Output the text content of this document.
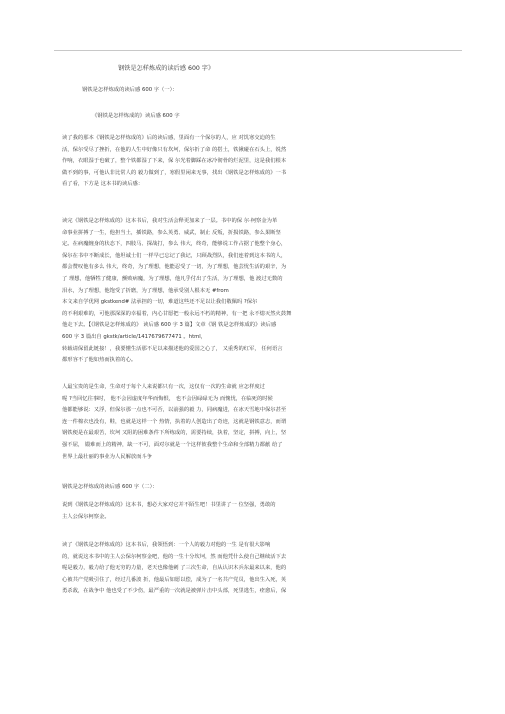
钢铁是怎样炼成的读后感 600 字》
钢铁是怎样炼成的读后感 600 字（一）：
《钢铁是怎样炼成的》读后感 600 字
读了我的那本《钢铁是怎样炼成的》后的读后感，里面有一个保尔的人，应 对饥寒交迫的生
活，保尔受尽了挫折，在他的人生中好像只有坎坷，保尔折了命 的搭土，铁锹碰在石头上，锐然
作响，衣眼湿于也破了，整个铁都湿了下来，保 尔光着脚踩在冰冷彻骨的烂泥里，这是我们根本
做不到的事，可他认非比常人的 毅力做到了，寒假里闲来无事，找出《钢铁是怎样炼成的》一书
看了看，下方是 这本书的读后感：
读完《钢铁是怎样炼成的》这本书后，我对生活会释更加来了一层。书中的保 尔·柯察金为革
命事业拼搏了一生，他担当土，插铁路，参么英勇、威武，制止 反叛，折损铁路，参么果断坚
定。在病魔缠身的状态下，四肢马、探战打，参么 伟大，终奇，能够说工作占据了他整个身心，
保尔在书中不断成长，他坦诚士们 一样早已忘记了我记，只顾战烈队，我们连着到这本书的人，
都会赞叹他有多么 伟大，终奇，为了理想，他能忍受了一切，为了理想，他芸忧生活的艰辛，为
了 理想，他牺牲了健康，颤败病魔，为了理想，他凡乎付出了生活，为了理想，他 渡过无数的
泪水，为了理想，他饱受了折磨，为了理想，他承受别人根本无 #from
本文来自学优网 gkstkend# 法承担的一切，难道这些还不足以让我们敬佩吗 ?保尔
的不利艰难的，可他那深深的幸福着，内心甘愿把一般永远不朽的精神，有一把 永不熄灭然火鼓舞
他走下去。【《钢铁是怎样炼成的》 读后感 600 字 3 篇】文章《钢 铁是怎样炼成的》读后感
600 字 3 篇出自 gkstk/article/1417679677471 。html，
转载请保留此链接！，我要懂生活那不足以来描述他的爱国之心了， 又重秀的红军， 任何语言
都形容不了他如热而执着的心。
人最宝贵的是生命，生命对于每个人来说都只有一次，这仅有一次的生命就 应怎样度过
呢 ?当回忆往事时， 他不会因虚度年华而悔恨， 也不会因碌碌无为 而愧忧，在临死的时候
他都能够说：又浮，但保尔那一点也不可否，以前强的毅 力，同病魔进，在冰天雪地中保尔甚至
连一件棉衣也没有，鞋，也就是这样一个 热情，执着的人创造出了奇迹，这就是钢铁意志，而谓
钢铁便是在最艰苦，坎坷 又阻的困难条件下所练成的，需要持续，执着，坚定，拼搏，向上，坚
强不屈， 锻难而上的精神，缺一不可，面对尔就是一个这样彼我整个生命和全部精力都献 给了
世界上最壮丽的事业为人民解放而斗争
钢铁是怎样炼成的读后感 600 字（二）：
说到《钢铁是怎样炼成的》这本书，想必大家对它并不陌生吧！书里讲了一 位坚强，勇敢的
主人公保尔柯察金。
读了《钢铁是怎样炼成的》这本书后，我领悟到：一个人的毅力对他的一生 是有很大影响
的，就说这本书中的主人公保尔柯察金吧，他的一生十分坎坷，然 而他凭什么使自己继续活下去
呢是毅力，毅力给了他无穷的力量，老天也像他刺 了三次生命，自从认识木兵东最来以来，他的
心被共产党吸引住了，经过几番波 折，他最后如愿以偿，成为了一名共产党员，他出生入死，英
勇杀敌，在战争中 他也受了不少伤，最严重的一次就是被弹片击中头部，死里逃生，痊愈后，保
